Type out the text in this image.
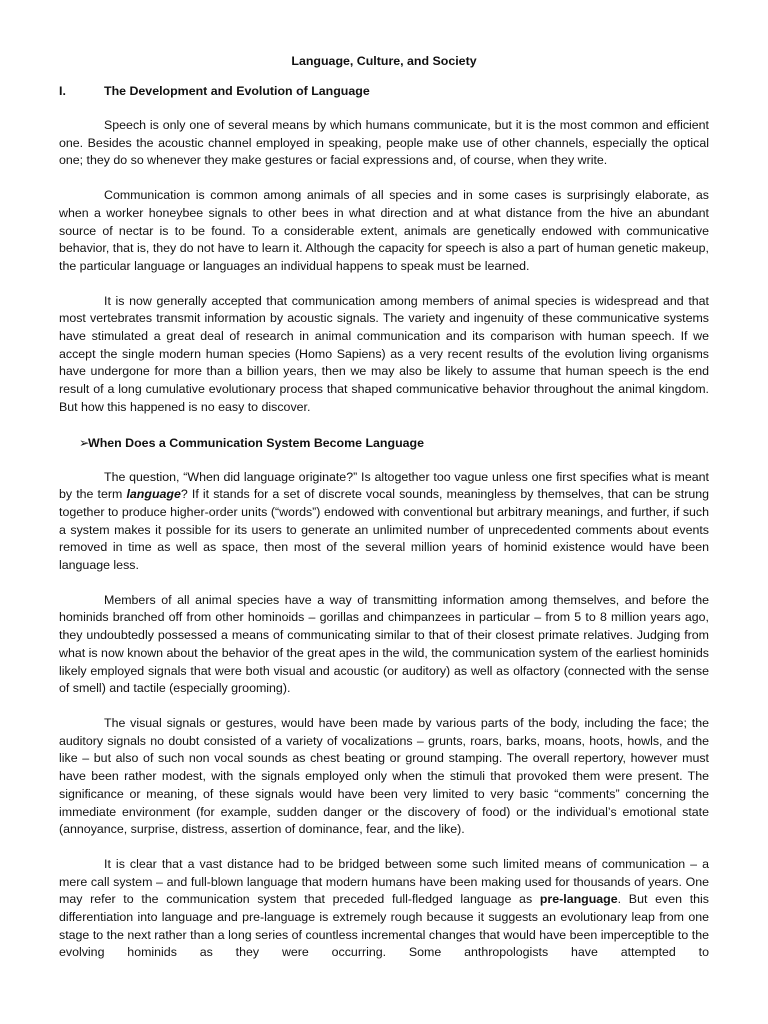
Language, Culture, and Society
I.	The Development and Evolution of Language

Speech is only one of several means by which humans communicate, but it is the most common and efficient one. Besides the acoustic channel employed in speaking, people make use of other channels, especially the optical one; they do so whenever they make gestures or facial expressions and, of course, when they write.

Communication is common among animals of all species and in some cases is surprisingly elaborate, as when a worker honeybee signals to other bees in what direction and at what distance from the hive an abundant source of nectar is to be found. To a considerable extent, animals are genetically endowed with communicative behavior, that is, they do not have to learn it. Although the capacity for speech is also a part of human genetic makeup, the particular language or languages an individual happens to speak must be learned.

It is now generally accepted that communication among members of animal species is widespread and that most vertebrates transmit information by acoustic signals. The variety and ingenuity of these communicative systems have stimulated a great deal of research in animal communication and its comparison with human speech. If we accept the single modern human species (Homo Sapiens) as a very recent results of the evolution living organisms have undergone for more than a billion years, then we may also be likely to assume that human speech is the end result of a long cumulative evolutionary process that shaped communicative behavior throughout the animal kingdom. But how this happened is no easy to discover.

➢
When Does a Communication System Become Language

The question, “When did language originate?” Is altogether too vague unless one first specifies what is meant by the term language? If it stands for a set of discrete vocal sounds, meaningless by themselves, that can be strung together to produce higher-order units (“words”) endowed with conventional but arbitrary meanings, and further, if such a system makes it possible for its users to generate an unlimited number of unprecedented comments about events removed in time as well as space, then most of the several million years of hominid existence would have been language less.

Members of all animal species have a way of transmitting information among themselves, and before the hominids branched off from other hominoids – gorillas and chimpanzees in particular – from 5 to 8 million years ago, they undoubtedly possessed a means of communicating similar to that of their closest primate relatives. Judging from what is now known about the behavior of the great apes in the wild, the communication system of the earliest hominids likely employed signals that were both visual and acoustic (or auditory) as well as olfactory (connected with the sense of smell) and tactile (especially grooming).

The visual signals or gestures, would have been made by various parts of the body, including the face; the auditory signals no doubt consisted of a variety of vocalizations – grunts, roars, barks, moans, hoots, howls, and the like – but also of such non vocal sounds as chest beating or ground stamping. The overall repertory, however must have been rather modest, with the signals employed only when the stimuli that provoked them were present. The significance or meaning, of these signals would have been very limited to very basic “comments” concerning the immediate environment (for example, sudden danger or the discovery of food) or the individual’s emotional state (annoyance, surprise, distress, assertion of dominance, fear, and the like).

It is clear that a vast distance had to be bridged between some such limited means of communication – a mere call system – and full-blown language that modern humans have been making used for thousands of years. One may refer to the communication system that preceded full-fledged language as pre-language. But even this differentiation into language and pre-language is extremely rough because it suggests an evolutionary leap from one stage to the next rather than a long series of countless incremental changes that would have been imperceptible to the evolving hominids as they were occurring. Some anthropologists have attempted to
